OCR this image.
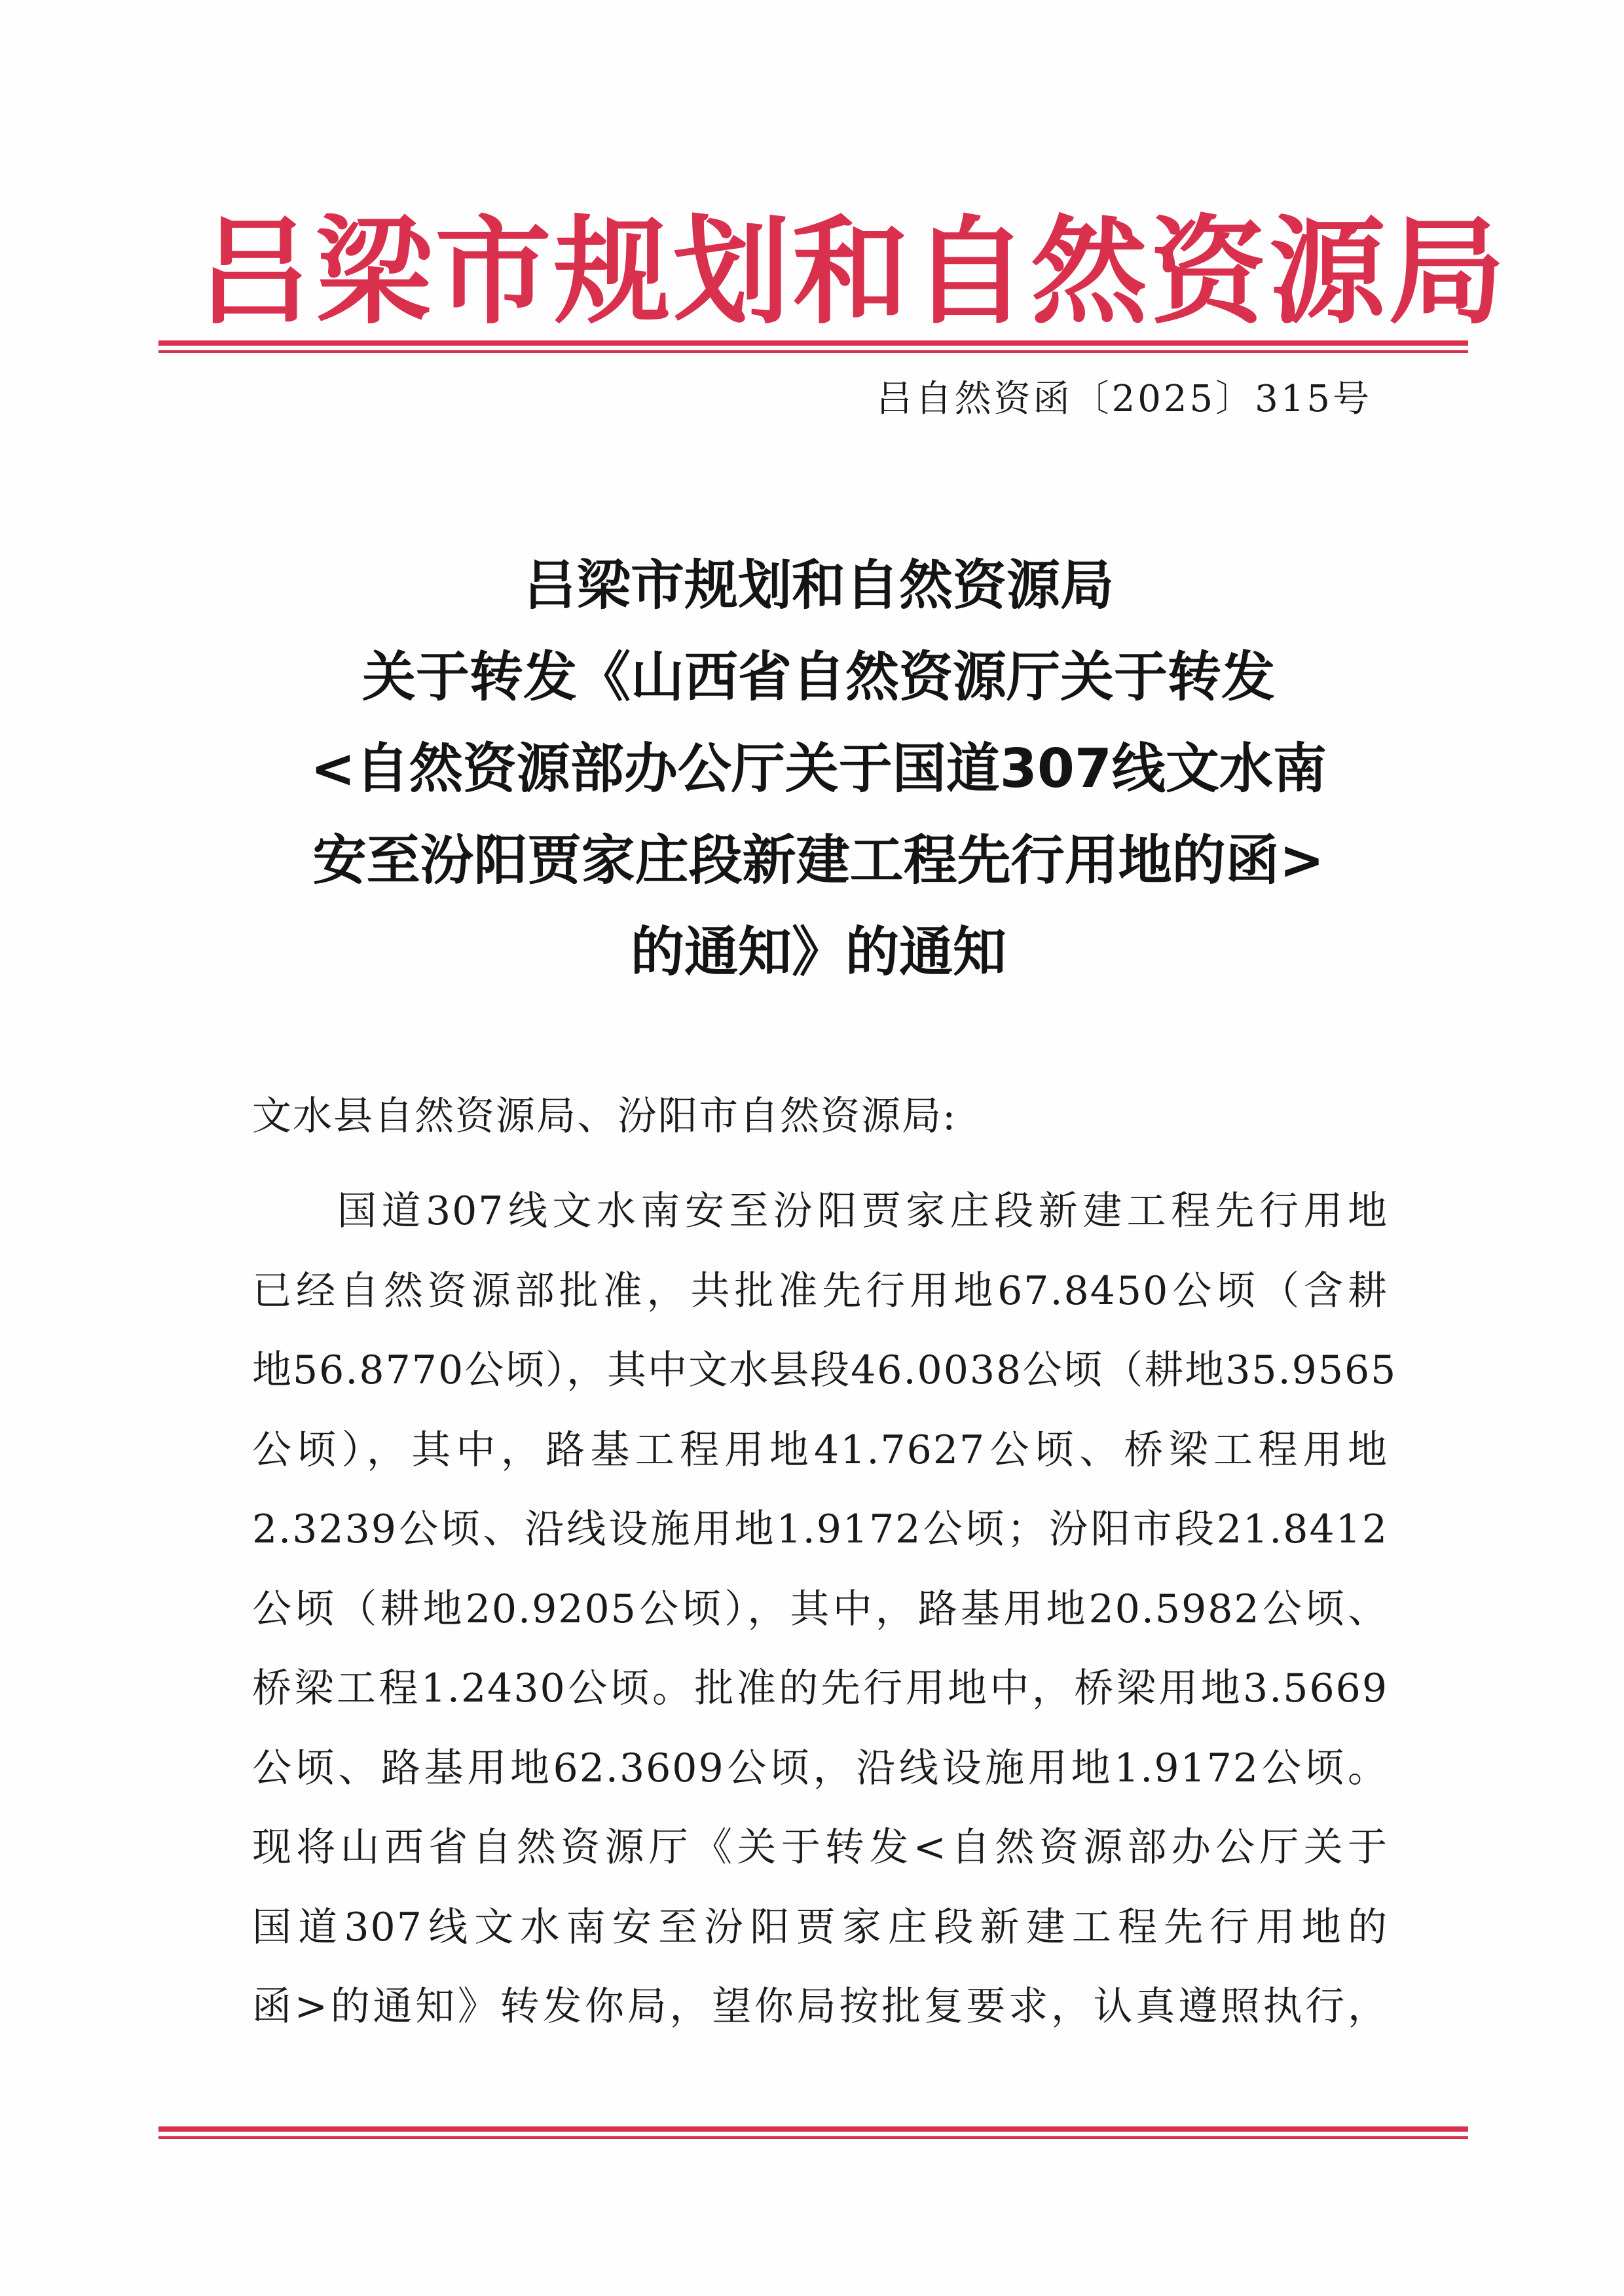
吕梁市规划和自然资源局
吕自然资函〔2025〕315号
吕梁市规划和自然资源局
关于转发《山西省自然资源厅关于转发
<自然资源部办公厅关于国道307线文水南
安至汾阳贾家庄段新建工程先行用地的函>
的通知》的通知
文水县自然资源局、汾阳市自然资源局:
国道307线文水南安至汾阳贾家庄段新建工程先行用地
已经自然资源部批准，共批准先行用地67.8450公顷（含耕
地56.8770公顷），其中文水县段46.0038公顷（耕地35.9565
公顷），其中，路基工程用地41.7627公顷、桥梁工程用地
2.3239公顷、沿线设施用地1.9172公顷；汾阳市段21.8412
公顷（耕地20.9205公顷），其中，路基用地20.5982公顷、
桥梁工程1.2430公顷。批准的先行用地中，桥梁用地3.5669
公顷、路基用地62.3609公顷，沿线设施用地1.9172公顷。
现将山西省自然资源厅《关于转发<自然资源部办公厅关于
国道307线文水南安至汾阳贾家庄段新建工程先行用地的
函>的通知》转发你局，望你局按批复要求，认真遵照执行，
